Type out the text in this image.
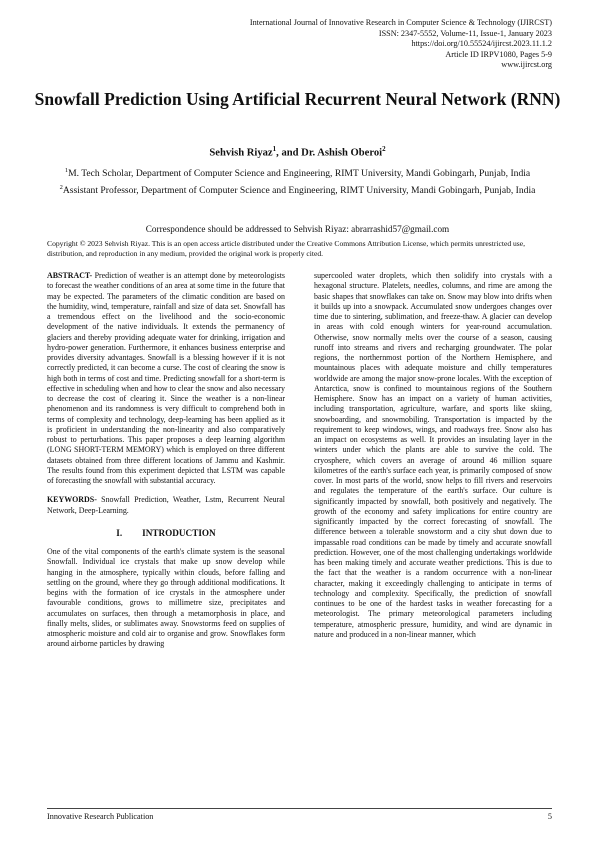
International Journal of Innovative Research in Computer Science & Technology (IJIRCST)
ISSN: 2347-5552, Volume-11, Issue-1, January 2023
https://doi.org/10.55524/ijircst.2023.11.1.2
Article ID IRPV1080, Pages 5-9
www.ijircst.org
Snowfall Prediction Using Artificial Recurrent Neural Network (RNN)
Sehvish Riyaz$^1$, and Dr. Ashish Oberoi$^2$
$^1$M. Tech Scholar, Department of Computer Science and Engineering, RIMT University, Mandi Gobingarh, Punjab, India
$^2$Assistant Professor, Department of Computer Science and Engineering, RIMT University, Mandi Gobingarh, Punjab, India
Correspondence should be addressed to Sehvish Riyaz: abrarrashid57@gmail.com
Copyright © 2023 Sehvish Riyaz. This is an open access article distributed under the Creative Commons Attribution License, which permits unrestricted use, distribution, and reproduction in any medium, provided the original work is properly cited.

ABSTRACT- Prediction of weather is an attempt done by meteorologists to forecast the weather conditions of an area at some time in the future that may be expected. The parameters of the climatic condition are based on the humidity, wind, temperature, rainfall and size of data set. Snowfall has a tremendous effect on the livelihood and the socio-economic development of the native individuals. It extends the permanency of glaciers and thereby providing adequate water for drinking, irrigation and hydro-power generation. Furthermore, it enhances business enterprise and provides diversity advantages. Snowfall is a blessing however if it is not correctly predicted, it can become a curse. The cost of clearing the snow is high both in terms of cost and time. Predicting snowfall for a short-term is effective in scheduling when and how to clear the snow and also necessary to decrease the cost of clearing it. Since the weather is a non-linear phenomenon and its randomness is very difficult to comprehend both in terms of complexity and technology, deep-learning has been applied as it is proficient in understanding the non-linearity and also comparatively robust to perturbations. This paper proposes a deep learning algorithm (LONG SHORT-TERM MEMORY) which is employed on three different datasets obtained from three different locations of Jammu and Kashmir. The results found from this experiment depicted that LSTM was capable of forecasting the snowfall with substantial accuracy.

KEYWORDS- Snowfall Prediction, Weather, Lstm, Recurrent Neural Network, Deep-Learning.

I. INTRODUCTION

One of the vital components of the earth's climate system is the seasonal Snowfall. Individual ice crystals that make up snow develop while hanging in the atmosphere, typically within clouds, before falling and settling on the ground, where they go through additional modifications. It begins with the formation of ice crystals in the atmosphere under favourable conditions, grows to millimetre size, precipitates and accumulates on surfaces, then through a metamorphosis in place, and finally melts, slides, or sublimates away. Snowstorms feed on supplies of atmospheric moisture and cold air to organise and grow. Snowflakes form around airborne particles by drawing

supercooled water droplets, which then solidify into crystals with a hexagonal structure. Platelets, needles, columns, and rime are among the basic shapes that snowflakes can take on. Snow may blow into drifts when it builds up into a snowpack. Accumulated snow undergoes changes over time due to sintering, sublimation, and freeze-thaw. A glacier can develop in areas with cold enough winters for year-round accumulation. Otherwise, snow normally melts over the course of a season, causing runoff into streams and rivers and recharging groundwater. The polar regions, the northernmost portion of the Northern Hemisphere, and mountainous places with adequate moisture and chilly temperatures worldwide are among the major snow-prone locales. With the exception of Antarctica, snow is confined to mountainous regions of the Southern Hemisphere. Snow has an impact on a variety of human activities, including transportation, agriculture, warfare, and sports like skiing, snowboarding, and snowmobiling. Transportation is impacted by the requirement to keep windows, wings, and roadways free. Snow also has an impact on ecosystems as well. It provides an insulating layer in the winters under which the plants are able to survive the cold. The cryosphere, which covers an average of around 46 million square kilometres of the earth's surface each year, is primarily composed of snow cover. In most parts of the world, snow helps to fill rivers and reservoirs and regulates the temperature of the earth's surface. Our culture is significantly impacted by snowfall, both positively and negatively. The growth of the economy and safety implications for entire country are significantly impacted by the correct forecasting of snowfall. The difference between a tolerable snowstorm and a city shut down due to impassable road conditions can be made by timely and accurate snowfall prediction. However, one of the most challenging undertakings worldwide has been making timely and accurate weather predictions. This is due to the fact that the weather is a random occurrence with a non-linear character, making it exceedingly challenging to anticipate in terms of technology and complexity. Specifically, the prediction of snowfall continues to be one of the hardest tasks in weather forecasting for a meteorologist. The primary meteorological parameters including temperature, atmospheric pressure, humidity, and wind are dynamic in nature and produced in a non-linear manner, which

Innovative Research Publication	5
